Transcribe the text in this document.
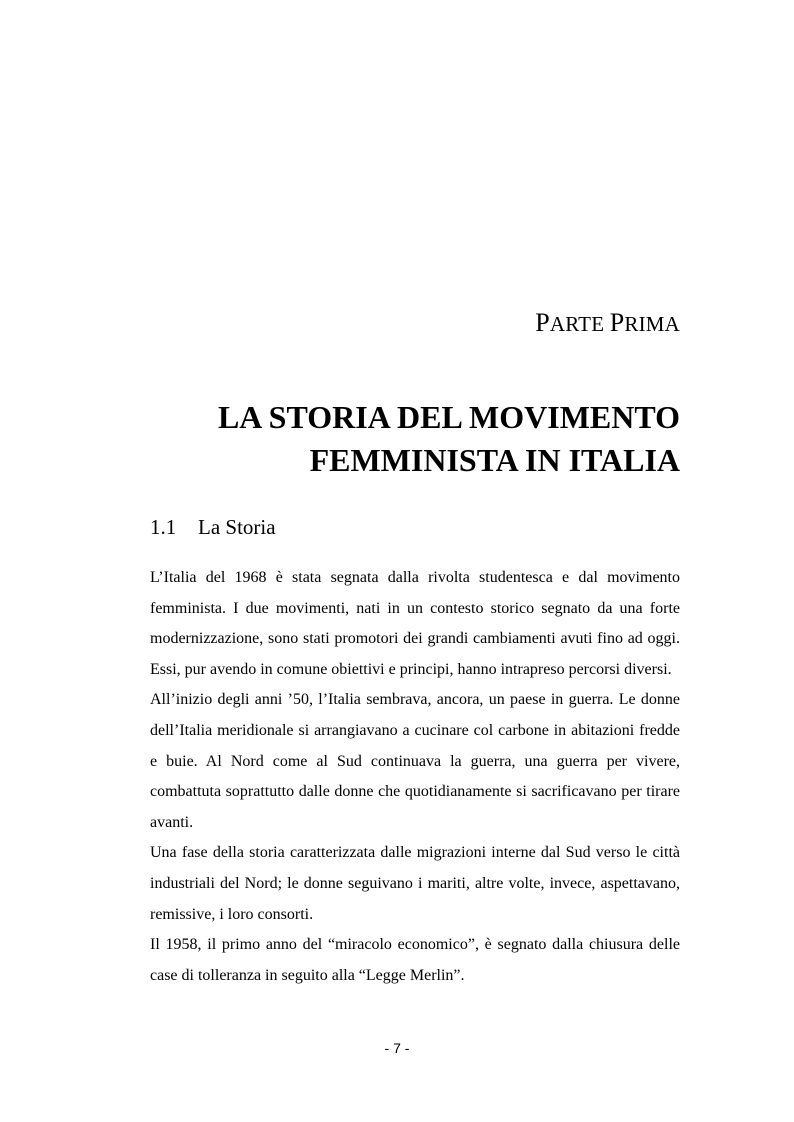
PARTE PRIMA
LA STORIA DEL MOVIMENTO
FEMMINISTA IN ITALIA
1.1 La Storia

L’Italia del 1968 è stata segnata dalla rivolta studentesca e dal movimento femminista. I due movimenti, nati in un contesto storico segnato da una forte modernizzazione, sono stati promotori dei grandi cambiamenti avuti fino ad oggi. Essi, pur avendo in comune obiettivi e principi, hanno intrapreso percorsi diversi.

All’inizio degli anni ’50, l’Italia sembrava, ancora, un paese in guerra. Le donne dell’Italia meridionale si arrangiavano a cucinare col carbone in abitazioni fredde e buie. Al Nord come al Sud continuava la guerra, una guerra per vivere, combattuta soprattutto dalle donne che quotidianamente si sacrificavano per tirare avanti.

Una fase della storia caratterizzata dalle migrazioni interne dal Sud verso le città industriali del Nord; le donne seguivano i mariti, altre volte, invece, aspettavano, remissive, i loro consorti.

Il 1958, il primo anno del “miracolo economico”, è segnato dalla chiusura delle case di tolleranza in seguito alla “Legge Merlin”.

- 7 -
